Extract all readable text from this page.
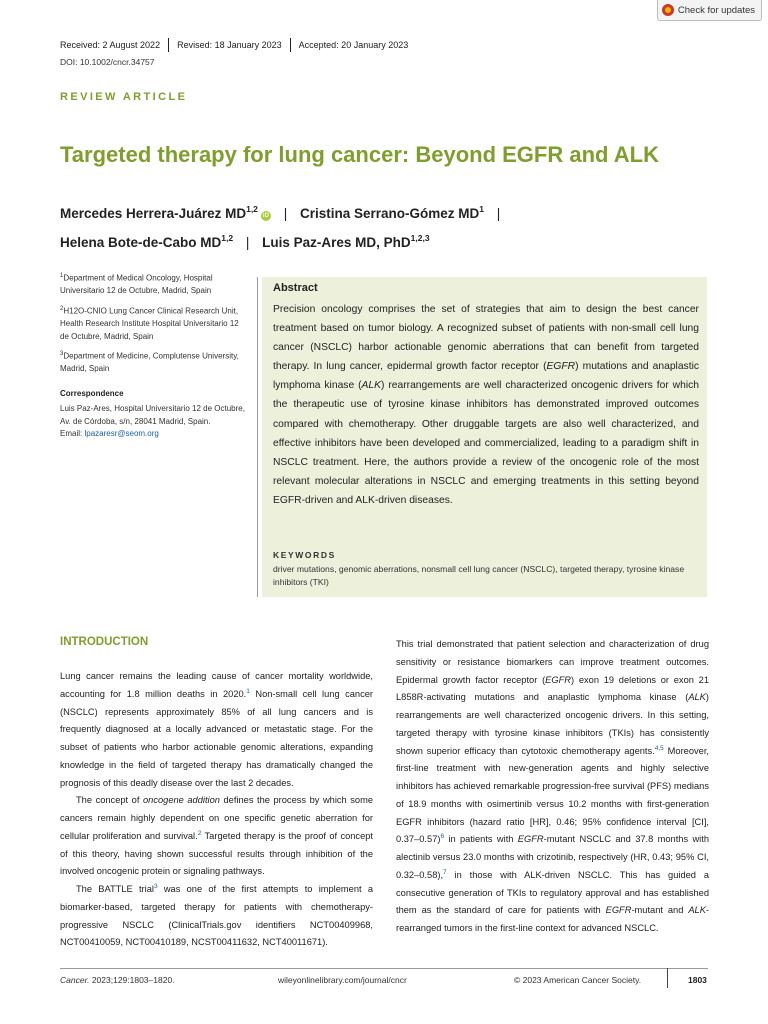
Check for updates
Received: 2 August 2022 Revised: 18 January 2023 Accepted: 20 January 2023
DOI: 10.1002/cncr.34757
REVIEW ARTICLE
Targeted therapy for lung cancer: Beyond EGFR and ALK
Mercedes Herrera-Juárez MD$^{1,2}$iD | Cristina Serrano-Gómez $MD^1$ |
Helena Bote-de-Cabo MD$^{1,2}$ | Luis Paz-Ares MD, PhD$^{1,2,3}$
$^1$Department of Medical Oncology, Hospital Universitario 12 de Octubre, Madrid, Spain
$^2$H12O-CNIO Lung Cancer Clinical Research Unit, Health Research Institute Hospital Universitario 12 de Octubre, Madrid, Spain
$^3$Department of Medicine, Complutense University, Madrid, Spain
Correspondence
Luis Paz-Ares, Hospital Universitario 12 de Octubre, Av. de Córdoba, s/n, 28041 Madrid, Spain.
Email: lpazaresr@seom.org
Abstract
Precision oncology comprises the set of strategies that aim to design the best cancer treatment based on tumor biology. A recognized subset of patients with non-small cell lung cancer (NSCLC) harbor actionable genomic aberrations that can benefit from targeted therapy. In lung cancer, epidermal growth factor receptor (EGFR) mutations and anaplastic lymphoma kinase (ALK) rearrangements are well characterized oncogenic drivers for which the therapeutic use of tyrosine kinase inhibitors has demonstrated improved outcomes compared with chemotherapy. Other druggable targets are also well characterized, and effective inhibitors have been developed and commercialized, leading to a paradigm shift in NSCLC treatment. Here, the authors provide a review of the oncogenic role of the most relevant molecular alterations in NSCLC and emerging treatments in this setting beyond EGFR-driven and ALK-driven diseases.
KEYWORDS
driver mutations, genomic aberrations, nonsmall cell lung cancer (NSCLC), targeted therapy, tyrosine kinase inhibitors (TKI)
INTRODUCTION

Lung cancer remains the leading cause of cancer mortality worldwide, accounting for 1.8 million deaths in 2020.$^1$ Non-small cell lung cancer (NSCLC) represents approximately 85% of all lung cancers and is frequently diagnosed at a locally advanced or metastatic stage. For the subset of patients who harbor actionable genomic alterations, expanding knowledge in the field of targeted therapy has dramatically changed the prognosis of this deadly disease over the last 2 decades.

The concept of oncogene addition defines the process by which some cancers remain highly dependent on one specific genetic aberration for cellular proliferation and survival.$^2$ Targeted therapy is the proof of concept of this theory, having shown successful results through inhibition of the involved oncogenic protein or signaling pathways.

The BATTLE trial$^3$ was one of the first attempts to implement a biomarker-based, targeted therapy for patients with chemotherapy-progressive NSCLC (ClinicalTrials.gov identifiers NCT00409968, NCT00410059, NCT00410189, NCST00411632, NCT40011671).

This trial demonstrated that patient selection and characterization of drug sensitivity or resistance biomarkers can improve treatment outcomes. Epidermal growth factor receptor (EGFR) exon 19 deletions or exon 21 L858R-activating mutations and anaplastic lymphoma kinase (ALK) rearrangements are well characterized oncogenic drivers. In this setting, targeted therapy with tyrosine kinase inhibitors (TKIs) has consistently shown superior efficacy than cytotoxic chemotherapy agents.$^{4,5}$ Moreover, first-line treatment with new-generation agents and highly selective inhibitors has achieved remarkable progression-free survival (PFS) medians of 18.9 months with osimertinib versus 10.2 months with first-generation EGFR inhibitors (hazard ratio [HR], 0.46; 95% confidence interval [CI], 0.37–0.57)$^6$ in patients with EGFR-mutant NSCLC and 37.8 months with alectinib versus 23.0 months with crizotinib, respectively (HR, 0.43; 95% CI, 0.32–0.58),$^7$ in those with ALK-driven NSCLC. This has guided a consecutive generation of TKIs to regulatory approval and has established them as the standard of care for patients with EGFR-mutant and ALK-rearranged tumors in the first-line context for advanced NSCLC.

Cancer. 2023;129:1803–1820.	wileyonlinelibrary.com/journal/cncr	© 2023 American Cancer Society.	1803
